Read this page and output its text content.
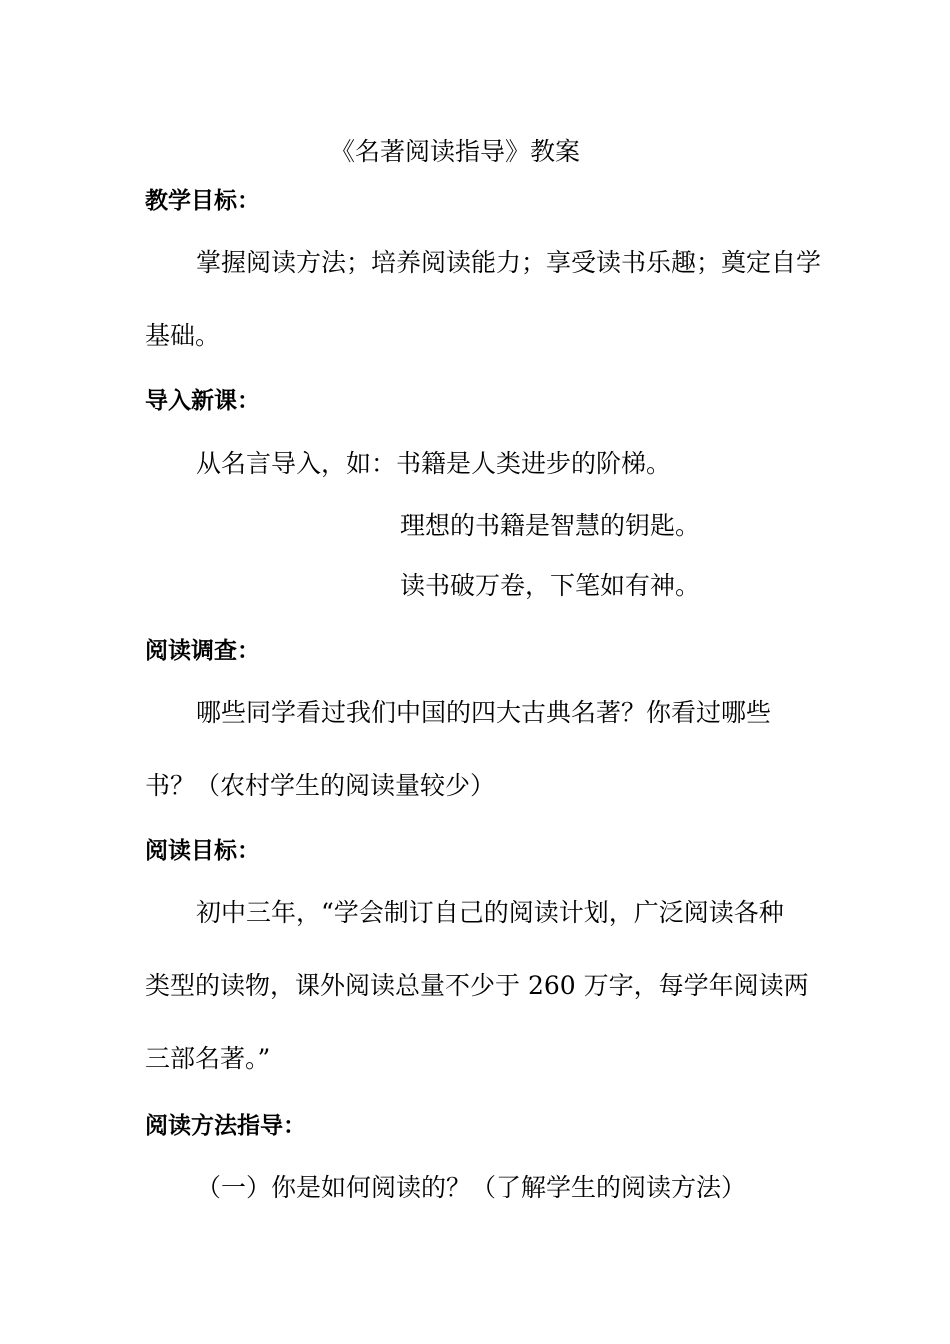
《名著阅读指导》教案
教学目标：
掌握阅读方法；培养阅读能力；享受读书乐趣；奠定自学
基础。
导入新课：
从名言导入，如：书籍是人类进步的阶梯。
理想的书籍是智慧的钥匙。
读书破万卷，下笔如有神。
阅读调查：
哪些同学看过我们中国的四大古典名著？你看过哪些
书？（农村学生的阅读量较少）
阅读目标：
初中三年，“学会制订自己的阅读计划，广泛阅读各种
类型的读物，课外阅读总量不少于 260 万字，每学年阅读两
三部名著。”
阅读方法指导：
（一）你是如何阅读的？（了解学生的阅读方法）
